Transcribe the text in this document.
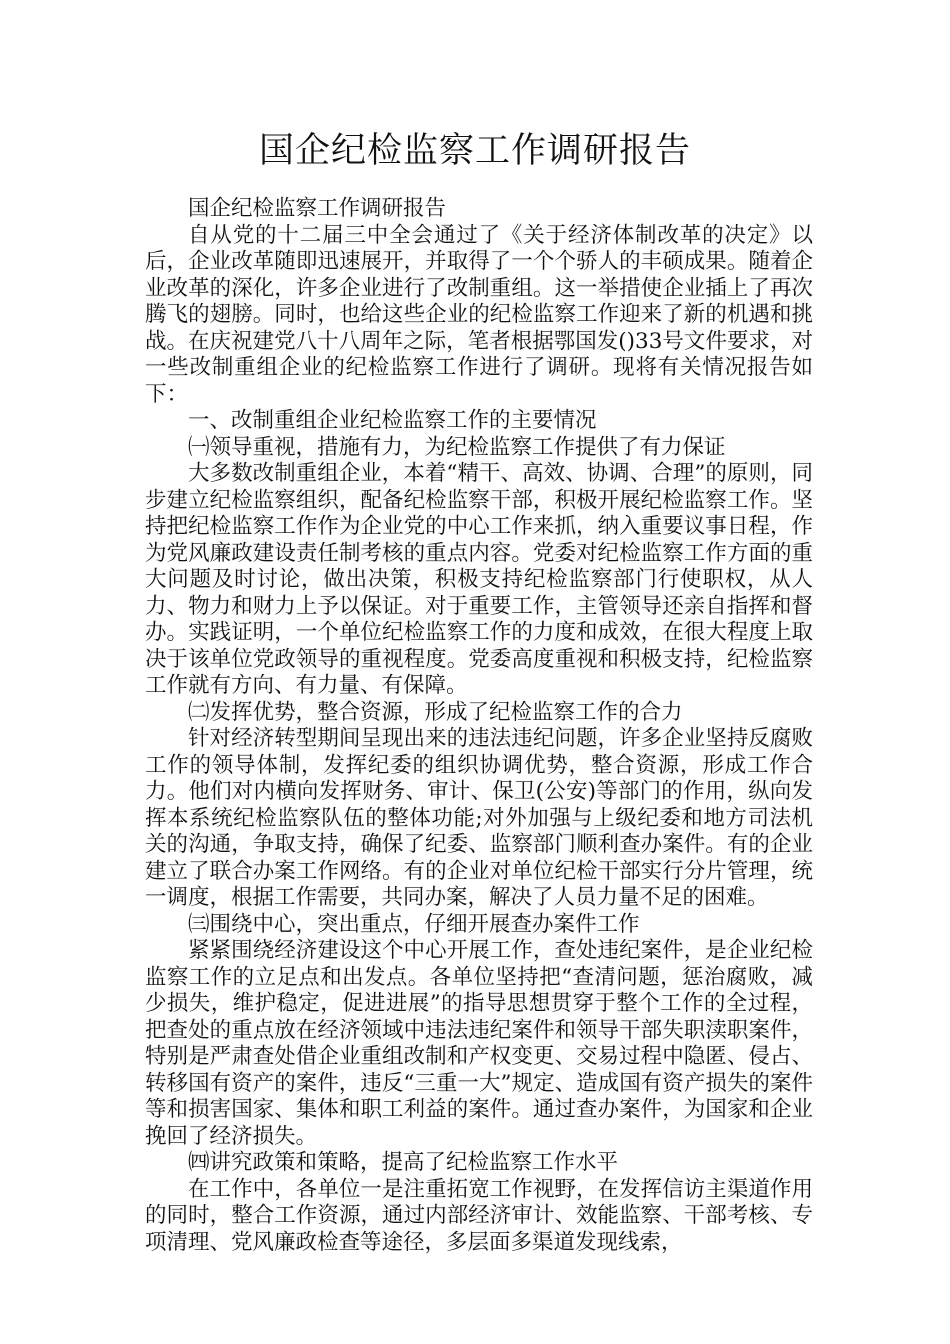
国企纪检监察工作调研报告

国企纪检监察工作调研报告

自从党的十二届三中全会通过了《关于经济体制改革的决定》以后，企业改革随即迅速展开，并取得了一个个骄人的丰硕成果。随着企业改革的深化，许多企业进行了改制重组。这一举措使企业插上了再次腾飞的翅膀。同时，也给这些企业的纪检监察工作迎来了新的机遇和挑战。在庆祝建党八十八周年之际，笔者根据鄂国发()33号文件要求，对一些改制重组企业的纪检监察工作进行了调研。现将有关情况报告如下：

一、改制重组企业纪检监察工作的主要情况

㈠领导重视，措施有力，为纪检监察工作提供了有力保证

大多数改制重组企业，本着“精干、高效、协调、合理”的原则，同步建立纪检监察组织，配备纪检监察干部，积极开展纪检监察工作。坚持把纪检监察工作作为企业党的中心工作来抓，纳入重要议事日程，作为党风廉政建设责任制考核的重点内容。党委对纪检监察工作方面的重大问题及时讨论，做出决策，积极支持纪检监察部门行使职权，从人力、物力和财力上予以保证。对于重要工作，主管领导还亲自指挥和督办。实践证明，一个单位纪检监察工作的力度和成效，在很大程度上取决于该单位党政领导的重视程度。党委高度重视和积极支持，纪检监察工作就有方向、有力量、有保障。

㈡发挥优势，整合资源，形成了纪检监察工作的合力

针对经济转型期间呈现出来的违法违纪问题，许多企业坚持反腐败工作的领导体制，发挥纪委的组织协调优势，整合资源，形成工作合力。他们对内横向发挥财务、审计、保卫(公安)等部门的作用，纵向发挥本系统纪检监察队伍的整体功能;对外加强与上级纪委和地方司法机关的沟通，争取支持，确保了纪委、监察部门顺利查办案件。有的企业建立了联合办案工作网络。有的企业对单位纪检干部实行分片管理，统一调度，根据工作需要，共同办案，解决了人员力量不足的困难。

㈢围绕中心，突出重点，仔细开展查办案件工作

紧紧围绕经济建设这个中心开展工作，查处违纪案件，是企业纪检监察工作的立足点和出发点。各单位坚持把“查清问题，惩治腐败，减少损失，维护稳定，促进进展”的指导思想贯穿于整个工作的全过程，把查处的重点放在经济领域中违法违纪案件和领导干部失职渎职案件，特别是严肃查处借企业重组改制和产权变更、交易过程中隐匿、侵占、转移国有资产的案件，违反“三重一大”规定、造成国有资产损失的案件等和损害国家、集体和职工利益的案件。通过查办案件，为国家和企业挽回了经济损失。

㈣讲究政策和策略，提高了纪检监察工作水平

在工作中，各单位一是注重拓宽工作视野，在发挥信访主渠道作用的同时，整合工作资源，通过内部经济审计、效能监察、干部考核、专项清理、党风廉政检查等途径，多层面多渠道发现线索，
